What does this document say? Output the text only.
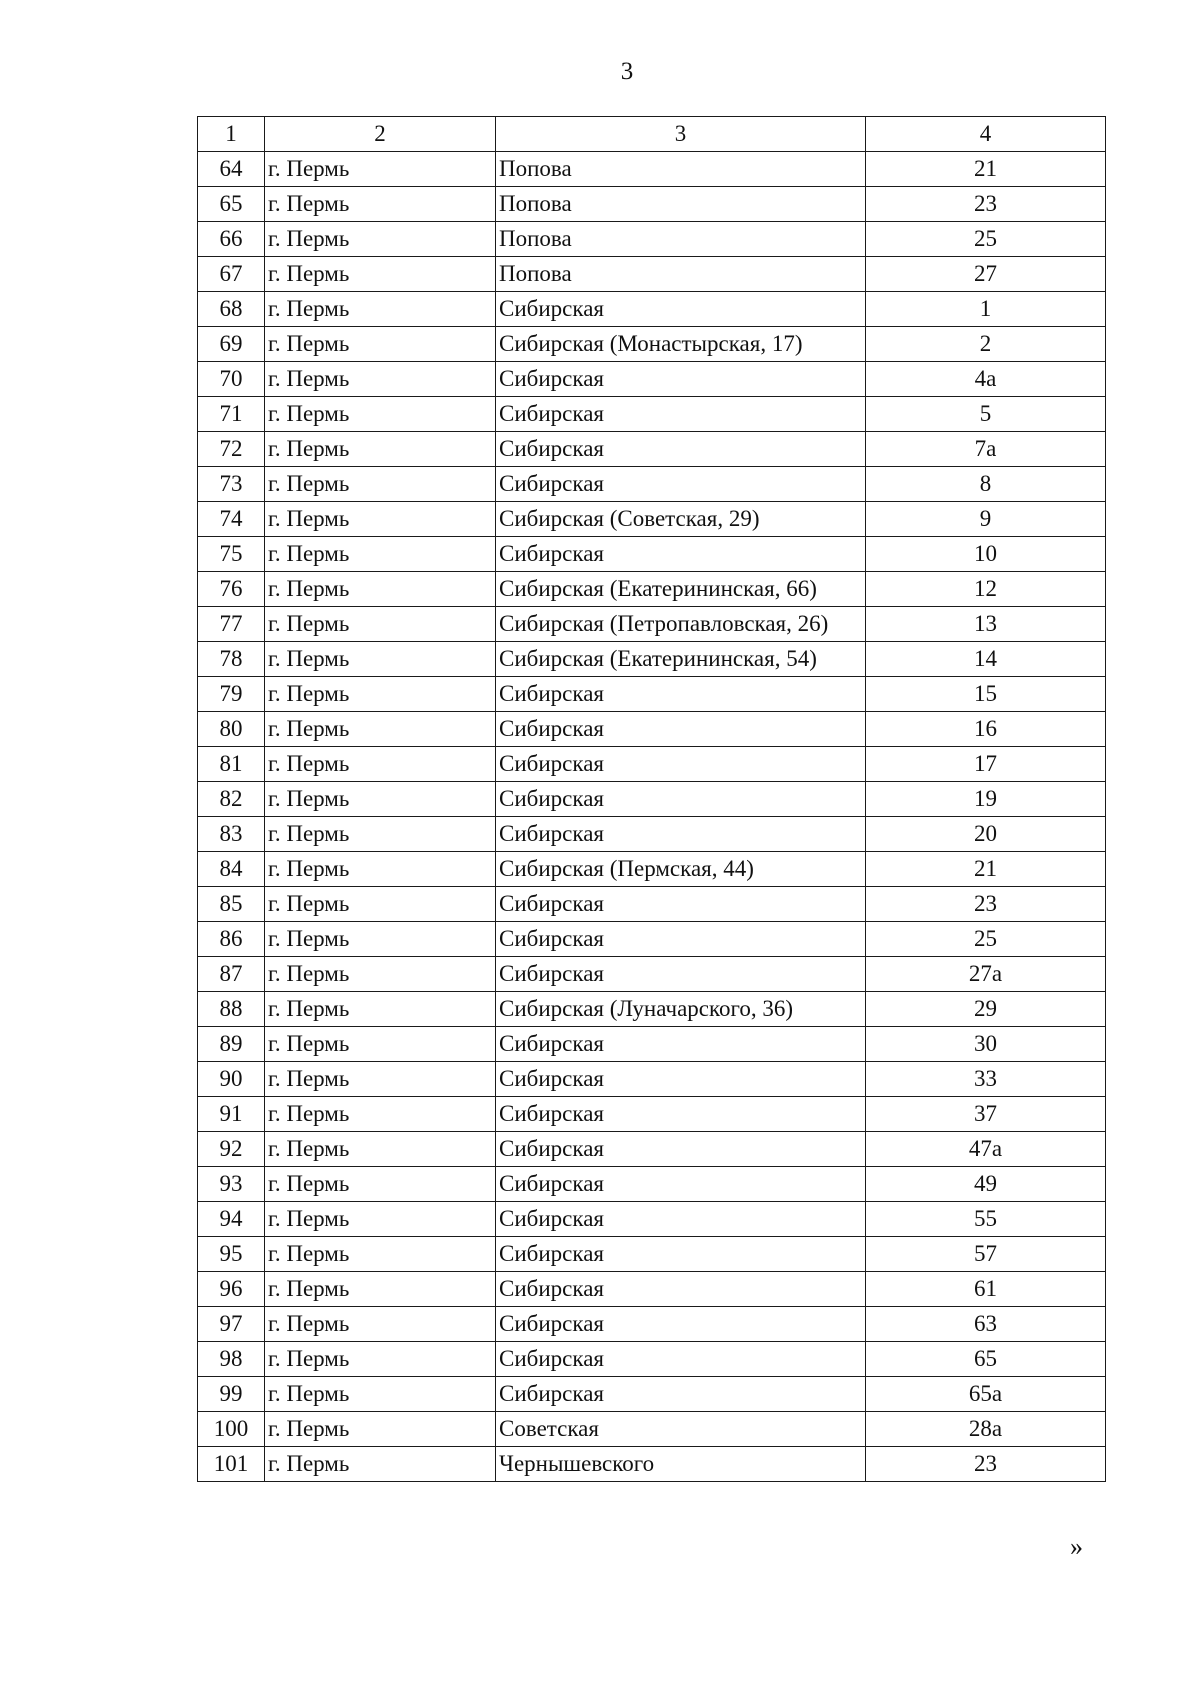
3
1	2	3	4
64	г. Пермь	Попова	21
65	г. Пермь	Попова	23
66	г. Пермь	Попова	25
67	г. Пермь	Попова	27
68	г. Пермь	Сибирская	1
69	г. Пермь	Сибирская (Монастырская, 17)	2
70	г. Пермь	Сибирская	4а
71	г. Пермь	Сибирская	5
72	г. Пермь	Сибирская	7а
73	г. Пермь	Сибирская	8
74	г. Пермь	Сибирская (Советская, 29)	9
75	г. Пермь	Сибирская	10
76	г. Пермь	Сибирская (Екатерининская, 66)	12
77	г. Пермь	Сибирская (Петропавловская, 26)	13
78	г. Пермь	Сибирская (Екатерининская, 54)	14
79	г. Пермь	Сибирская	15
80	г. Пермь	Сибирская	16
81	г. Пермь	Сибирская	17
82	г. Пермь	Сибирская	19
83	г. Пермь	Сибирская	20
84	г. Пермь	Сибирская (Пермская, 44)	21
85	г. Пермь	Сибирская	23
86	г. Пермь	Сибирская	25
87	г. Пермь	Сибирская	27а
88	г. Пермь	Сибирская (Луначарского, 36)	29
89	г. Пермь	Сибирская	30
90	г. Пермь	Сибирская	33
91	г. Пермь	Сибирская	37
92	г. Пермь	Сибирская	47а
93	г. Пермь	Сибирская	49
94	г. Пермь	Сибирская	55
95	г. Пермь	Сибирская	57
96	г. Пермь	Сибирская	61
97	г. Пермь	Сибирская	63
98	г. Пермь	Сибирская	65
99	г. Пермь	Сибирская	65а
100	г. Пермь	Советская	28а
101	г. Пермь	Чернышевского	23
»
